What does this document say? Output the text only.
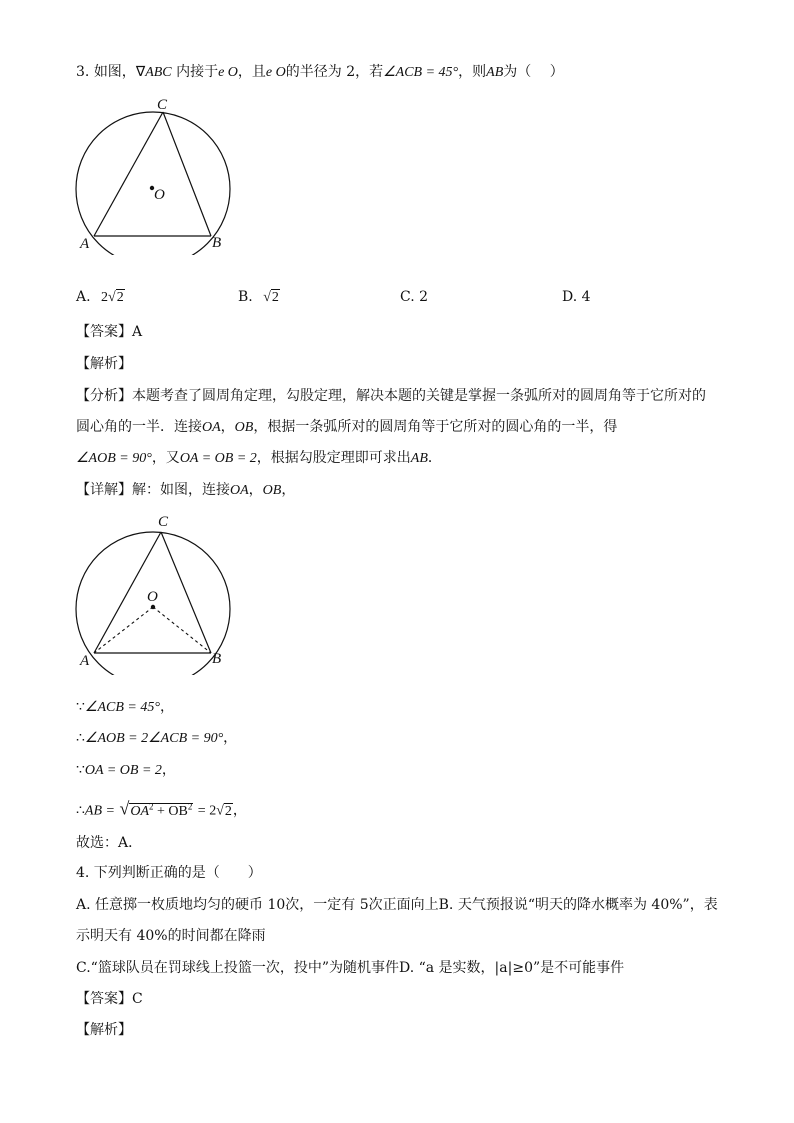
3. 如图，∇ABC 内接于e O，且e O的半径为 2，若∠ACB = 45°，则AB为（　 ）
C
O
A	B
A. 2√2	B. √2	C. 2	D. 4
【答案】A
【解析】
【分析】本题考查了圆周角定理，勾股定理，解决本题的关键是掌握一条弧所对的圆周角等于它所对的
圆心角的一半．连接OA，OB，根据一条弧所对的圆周角等于它所对的圆心角的一半，得
∠AOB = 90°，又OA = OB = 2，根据勾股定理即可求出AB．
【详解】解：如图，连接OA，OB，
C
O
A	B
∵∠ACB = 45°，
∴∠AOB = 2∠ACB = 90°，
∵OA = OB = 2，
∴AB = $√OA^2 + OB^2 = 2√2$，
故选：A．
4. 下列判断正确的是（　　）
A. 任意掷一枚质地均匀的硬币 10次，一定有 5次正面向上B. 天气预报说“明天的降水概率为 40%”，表
示明天有 40%的时间都在降雨
C.“篮球队员在罚球线上投篮一次，投中”为随机事件D. “a 是实数，|a|≥0”是不可能事件
【答案】C
【解析】
